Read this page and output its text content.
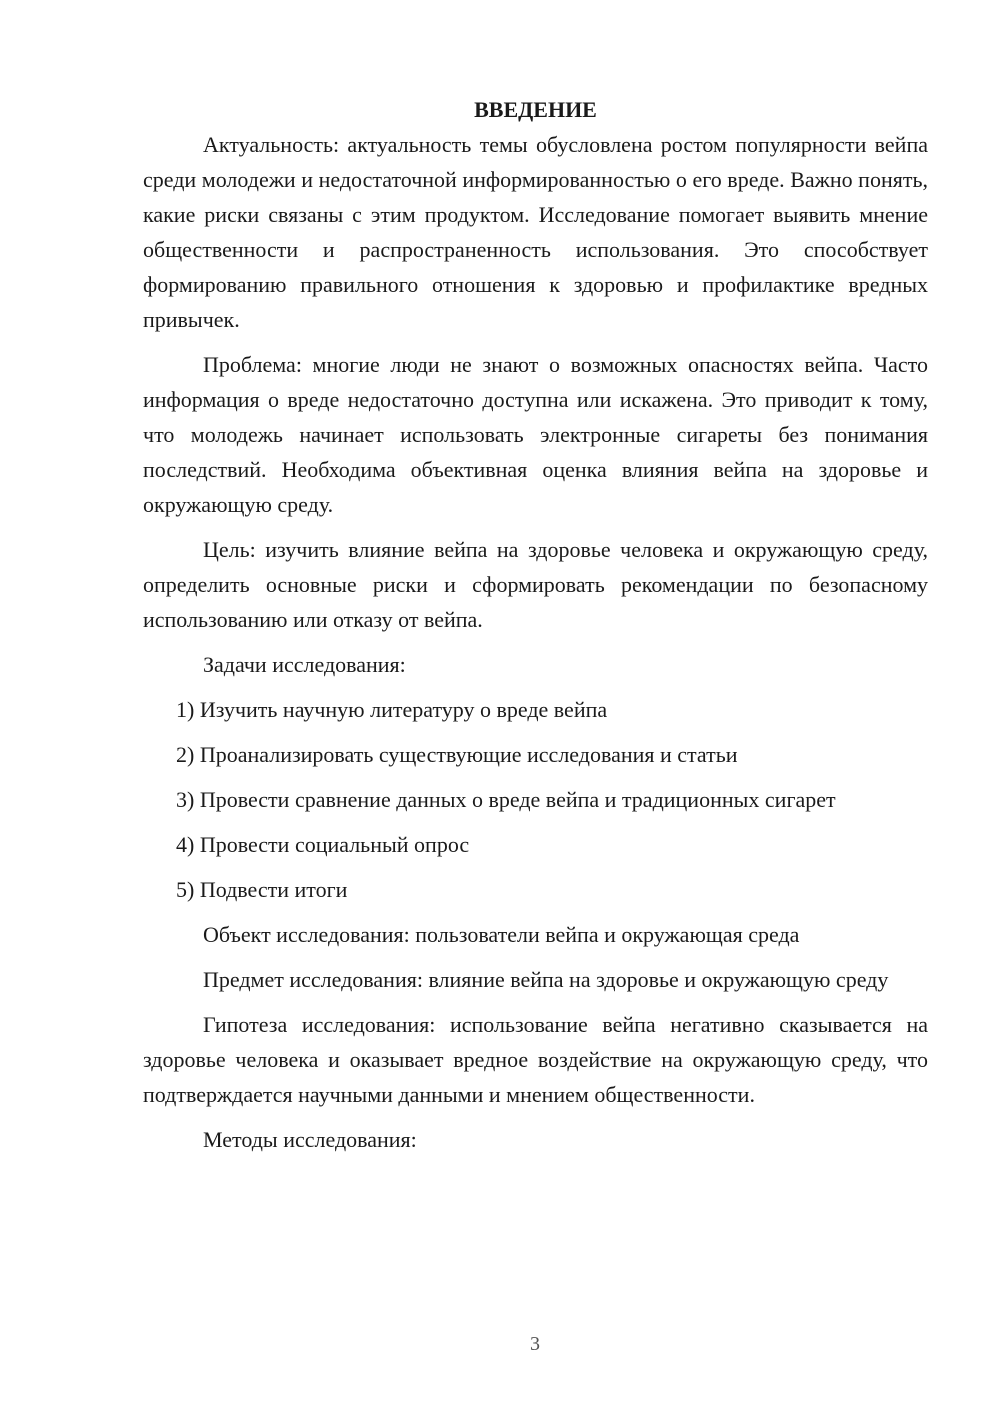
ВВЕДЕНИЕ

Актуальность: актуальность темы обусловлена ростом популярности вейпа среди молодежи и недостаточной информированностью о его вреде. Важно понять, какие риски связаны с этим продуктом. Исследование помогает выявить мнение общественности и распространенность использования. Это способствует формированию правильного отношения к здоровью и профилактике вредных привычек.

Проблема: многие люди не знают о возможных опасностях вейпа. Часто информация о вреде недостаточно доступна или искажена. Это приводит к тому, что молодежь начинает использовать электронные сигареты без понимания последствий. Необходима объективная оценка влияния вейпа на здоровье и окружающую среду.

Цель: изучить влияние вейпа на здоровье человека и окружающую среду, определить основные риски и сформировать рекомендации по безопасному использованию или отказу от вейпа.

Задачи исследования:

1) Изучить научную литературу о вреде вейпа
2) Проанализировать существующие исследования и статьи
3) Провести сравнение данных о вреде вейпа и традиционных сигарет
4) Провести социальный опрос
5) Подвести итоги

Объект исследования: пользователи вейпа и окружающая среда

Предмет исследования: влияние вейпа на здоровье и окружающую среду

Гипотеза исследования: использование вейпа негативно сказывается на здоровье человека и оказывает вредное воздействие на окружающую среду, что подтверждается научными данными и мнением общественности.

Методы исследования:

3
